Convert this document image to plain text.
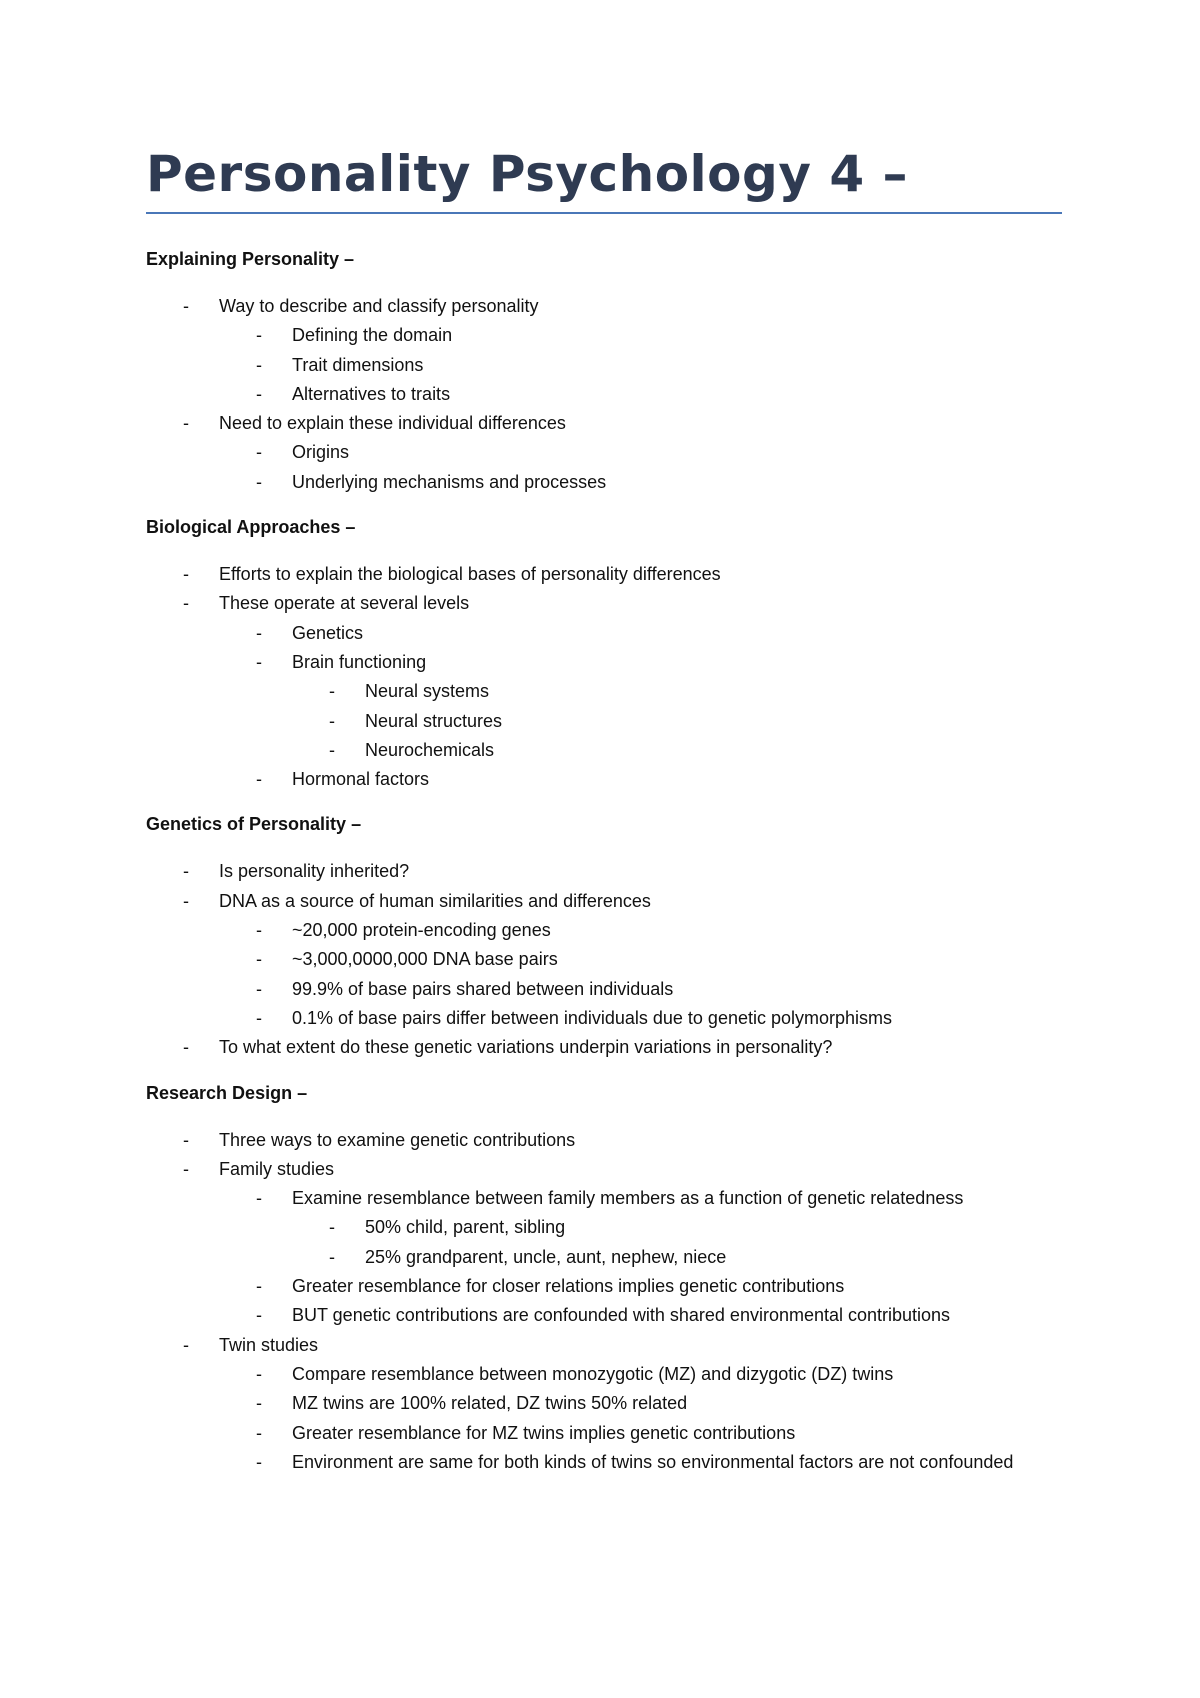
Personality Psychology 4 –
Explaining Personality –
-	Way to describe and classify personality
-	Defining the domain
-	Trait dimensions
-	Alternatives to traits
-	Need to explain these individual differences
-	Origins
-	Underlying mechanisms and processes
Biological Approaches –
-	Efforts to explain the biological bases of personality differences
-	These operate at several levels
-	Genetics
-	Brain functioning
-	Neural systems
-	Neural structures
-	Neurochemicals
-	Hormonal factors
Genetics of Personality –
-	Is personality inherited?
-	DNA as a source of human similarities and differences
-	~20,000 protein-encoding genes
-	~3,000,0000,000 DNA base pairs
-	99.9% of base pairs shared between individuals
-	0.1% of base pairs differ between individuals due to genetic polymorphisms
-	To what extent do these genetic variations underpin variations in personality?
Research Design –
-	Three ways to examine genetic contributions
-	Family studies
-	Examine resemblance between family members as a function of genetic relatedness
-	50% child, parent, sibling
-	25% grandparent, uncle, aunt, nephew, niece
-	Greater resemblance for closer relations implies genetic contributions
-	BUT genetic contributions are confounded with shared environmental contributions
-	Twin studies
-	Compare resemblance between monozygotic (MZ) and dizygotic (DZ) twins
-	MZ twins are 100% related, DZ twins 50% related
-	Greater resemblance for MZ twins implies genetic contributions
-	Environment are same for both kinds of twins so environmental factors are not confounded
